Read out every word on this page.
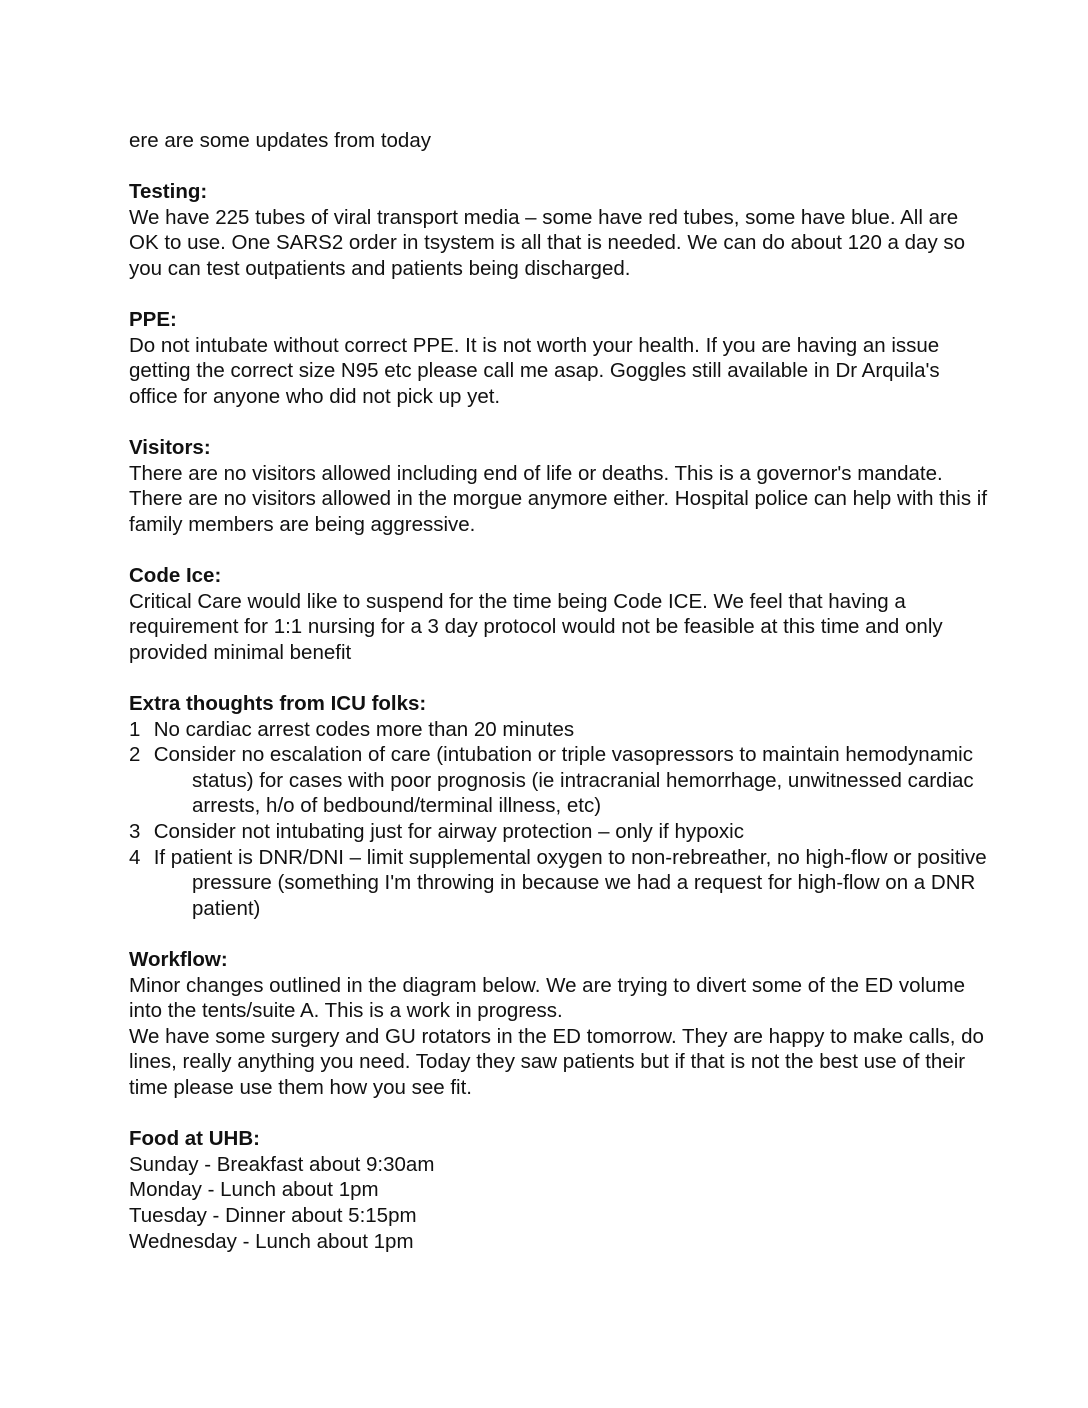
ere are some updates from today
Testing:
We have 225 tubes of viral transport media – some have red tubes, some have blue. All are OK to use. One SARS2 order in tsystem is all that is needed. We can do about 120 a day so you can test outpatients and patients being discharged.
PPE:
Do not intubate without correct PPE. It is not worth your health. If you are having an issue getting the correct size N95 etc please call me asap. Goggles still available in Dr Arquila's office for anyone who did not pick up yet.
Visitors:
There are no visitors allowed including end of life or deaths. This is a governor's mandate. There are no visitors allowed in the morgue anymore either. Hospital police can help with this if family members are being aggressive.
Code Ice:
Critical Care would like to suspend for the time being Code ICE. We feel that having a requirement for 1:1 nursing for a 3 day protocol would not be feasible at this time and only provided minimal benefit
Extra thoughts from ICU folks:
1 No cardiac arrest codes more than 20 minutes
2 Consider no escalation of care (intubation or triple vasopressors to maintain hemodynamic status) for cases with poor prognosis (ie intracranial hemorrhage, unwitnessed cardiac arrests, h/o of bedbound/terminal illness, etc)
3 Consider not intubating just for airway protection – only if hypoxic
4 If patient is DNR/DNI – limit supplemental oxygen to non-rebreather, no high-flow or positive pressure (something I'm throwing in because we had a request for high-flow on a DNR patient)
Workflow:
Minor changes outlined in the diagram below. We are trying to divert some of the ED volume into the tents/suite A. This is a work in progress.
We have some surgery and GU rotators in the ED tomorrow. They are happy to make calls, do lines, really anything you need. Today they saw patients but if that is not the best use of their time please use them how you see fit.
Food at UHB:
Sunday - Breakfast about 9:30am
Monday - Lunch about 1pm
Tuesday - Dinner about 5:15pm
Wednesday - Lunch about 1pm
